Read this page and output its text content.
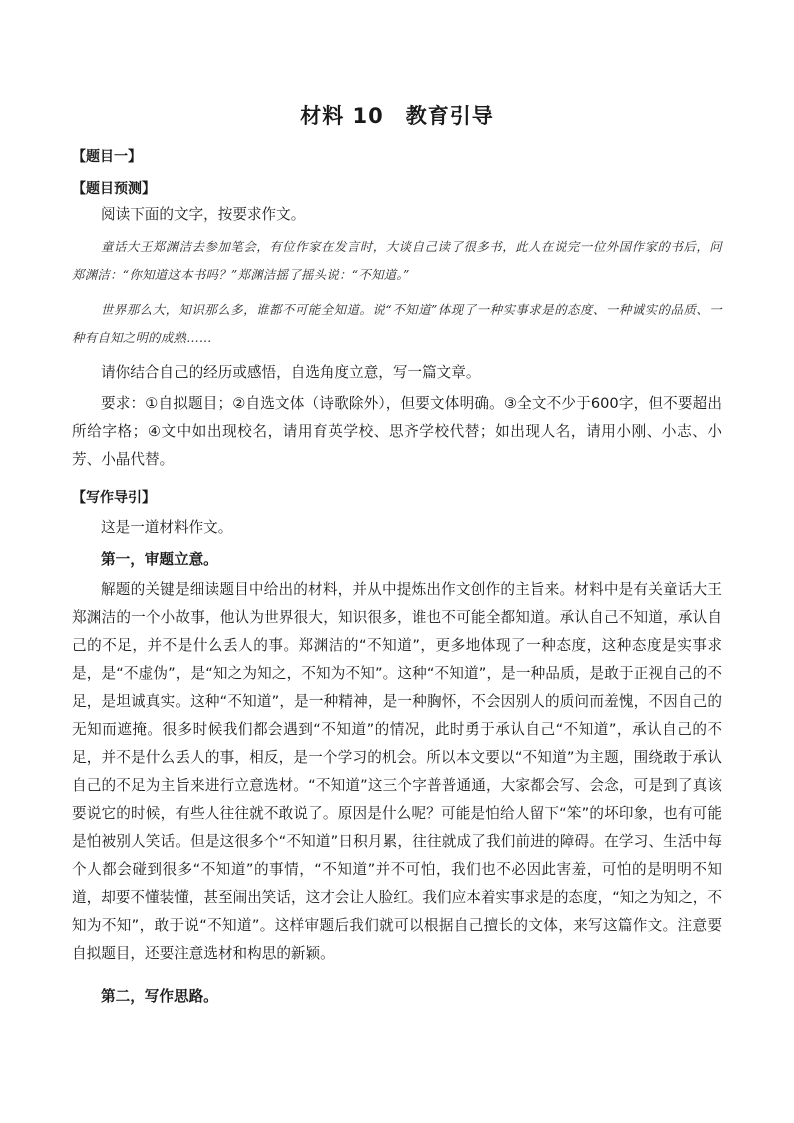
材料 10 教育引导
【题目一】
【题目预测】
阅读下面的文字，按要求作文。
童话大王郑渊洁去参加笔会，有位作家在发言时，大谈自己读了很多书，此人在说完一位外国作家的书后，问郑渊洁：“你知道这本书吗？”郑渊洁摇了摇头说：“不知道。”
世界那么大，知识那么多，谁都不可能全知道。说“不知道”体现了一种实事求是的态度、一种诚实的品质、一种有自知之明的成熟……
请你结合自己的经历或感悟，自选角度立意，写一篇文章。
要求：①自拟题目；②自选文体（诗歌除外），但要文体明确。③全文不少于600字，但不要超出所给字格；④文中如出现校名，请用育英学校、思齐学校代替；如出现人名，请用小刚、小志、小芳、小晶代替。
【写作导引】
这是一道材料作文。
第一，审题立意。
解题的关键是细读题目中给出的材料，并从中提炼出作文创作的主旨来。材料中是有关童话大王郑渊洁的一个小故事，他认为世界很大，知识很多，谁也不可能全都知道。承认自己不知道，承认自己的不足，并不是什么丢人的事。郑渊洁的“不知道”，更多地体现了一种态度，这种态度是实事求是，是“不虚伪”，是“知之为知之，不知为不知”。这种“不知道”，是一种品质，是敢于正视自己的不足，是坦诚真实。这种“不知道”，是一种精神，是一种胸怀，不会因别人的质问而羞愧，不因自己的无知而遮掩。很多时候我们都会遇到“不知道”的情况，此时勇于承认自己“不知道”，承认自己的不足，并不是什么丢人的事，相反，是一个学习的机会。所以本文要以“不知道”为主题，围绕敢于承认自己的不足为主旨来进行立意选材。“不知道”这三个字普普通通，大家都会写、会念，可是到了真该要说它的时候，有些人往往就不敢说了。原因是什么呢？可能是怕给人留下“笨”的坏印象，也有可能是怕被别人笑话。但是这很多个“不知道”日积月累，往往就成了我们前进的障碍。在学习、生活中每个人都会碰到很多“不知道”的事情，“不知道”并不可怕，我们也不必因此害羞，可怕的是明明不知道，却要不懂装懂，甚至闹出笑话，这才会让人脸红。我们应本着实事求是的态度，“知之为知之，不知为不知”，敢于说“不知道”。这样审题后我们就可以根据自己擅长的文体，来写这篇作文。注意要自拟题目，还要注意选材和构思的新颖。
第二，写作思路。
